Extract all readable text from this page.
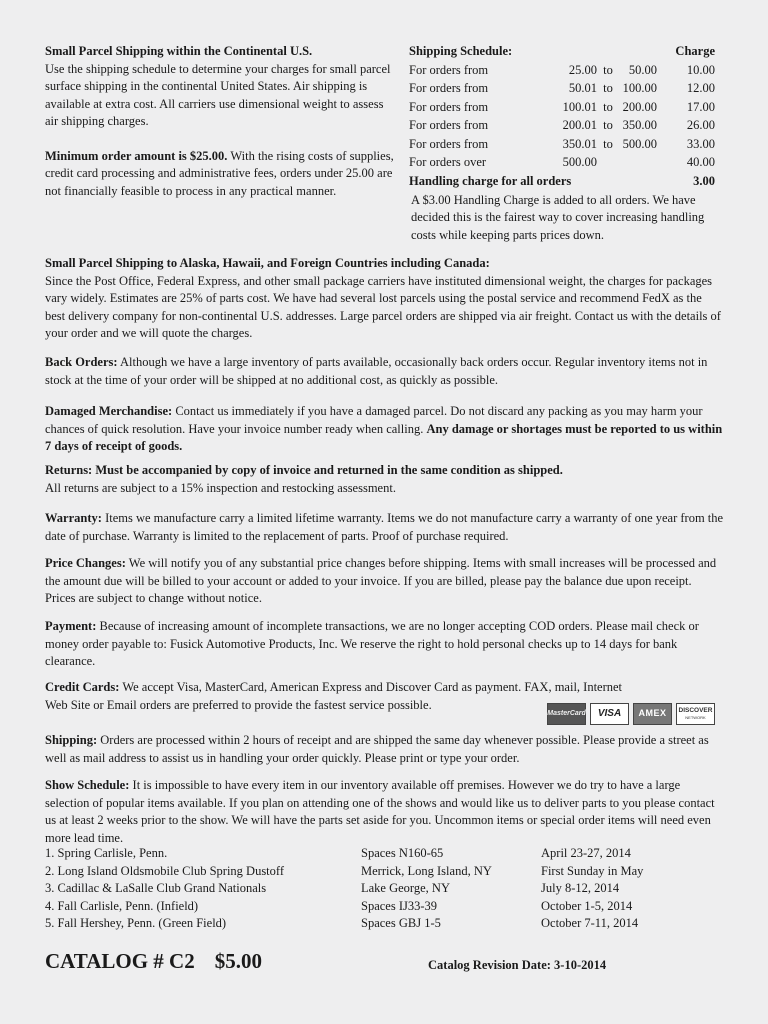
Small Parcel Shipping within the Continental U.S.

Use the shipping schedule to determine your charges for small parcel surface shipping in the continental United States. Air shipping is available at extra cost. All carriers use dimensional weight to assess air shipping charges.

Minimum order amount is $25.00. With the rising costs of supplies, credit card processing and administrative fees, orders under 25.00 are not financially feasible to process in any practical manner.

Shipping Schedule:	Charge
For orders from	25.00 to	50.00	10.00
For orders from	50.01 to 100.00	12.00
For orders from	100.01 to 200.00	17.00
For orders from	200.01 to 350.00	26.00
For orders from	350.01 to 500.00	33.00
For orders over	500.00	40.00
Handling charge for all orders	3.00

A $3.00 Handling Charge is added to all orders. We have decided this is the fairest way to cover increasing handling costs while keeping parts prices down.

Small Parcel Shipping to Alaska, Hawaii, and Foreign Countries including Canada:

Since the Post Office, Federal Express, and other small package carriers have instituted dimensional weight, the charges for packages vary widely. Estimates are 25% of parts cost. We have had several lost parcels using the postal service and recommend FedX as the best delivery company for non-continental U.S. addresses. Large parcel orders are shipped via air freight. Contact us with the details of your order and we will quote the charges.

Back Orders: Although we have a large inventory of parts available, occasionally back orders occur. Regular inventory items not in stock at the time of your order will be shipped at no additional cost, as quickly as possible.

Damaged Merchandise: Contact us immediately if you have a damaged parcel. Do not discard any packing as you may harm your chances of quick resolution. Have your invoice number ready when calling. Any damage or shortages must be reported to us within 7 days of receipt of goods.

Returns: Must be accompanied by copy of invoice and returned in the same condition as shipped.

All returns are subject to a 15% inspection and restocking assessment.

Warranty: Items we manufacture carry a limited lifetime warranty. Items we do not manufacture carry a warranty of one year from the date of purchase. Warranty is limited to the replacement of parts. Proof of purchase required.

Price Changes: We will notify you of any substantial price changes before shipping. Items with small increases will be processed and the amount due will be billed to your account or added to your invoice. If you are billed, please pay the balance due upon receipt. Prices are subject to change without notice.

Payment: Because of increasing amount of incomplete transactions, we are no longer accepting COD orders. Please mail check or money order payable to: Fusick Automotive Products, Inc. We reserve the right to hold personal checks up to 14 days for bank clearance.

Credit Cards: We accept Visa, MasterCard, American Express and Discover Card as payment. FAX, mail, Internet Web Site or Email orders are preferred to provide the fastest service possible.

MasterCard	VISA	AMEX	DISCOVER
NETWORK

Shipping: Orders are processed within 2 hours of receipt and are shipped the same day whenever possible. Please provide a street as well as mail address to assist us in handling your order quickly. Please print or type your order.

Show Schedule: It is impossible to have every item in our inventory available off premises. However we do try to have a large selection of popular items available. If you plan on attending one of the shows and would like us to deliver parts to you please contact us at least 2 weeks prior to the show. We will have the parts set aside for you. Uncommon items or special order items will need even more lead time.

1. Spring Carlisle, Penn.	Spaces N160-65	April 23-27, 2014
2. Long Island Oldsmobile Club Spring Dustoff	Merrick, Long Island, NY	First Sunday in May
3. Cadillac & LaSalle Club Grand Nationals	Lake George, NY	July 8-12, 2014
4. Fall Carlisle, Penn. (Infield)	Spaces IJ33-39	October 1-5, 2014
5. Fall Hershey, Penn. (Green Field)	Spaces GBJ 1-5	October 7-11, 2014
CATALOG # C2 $5.00	Catalog Revision Date: 3-10-2014
